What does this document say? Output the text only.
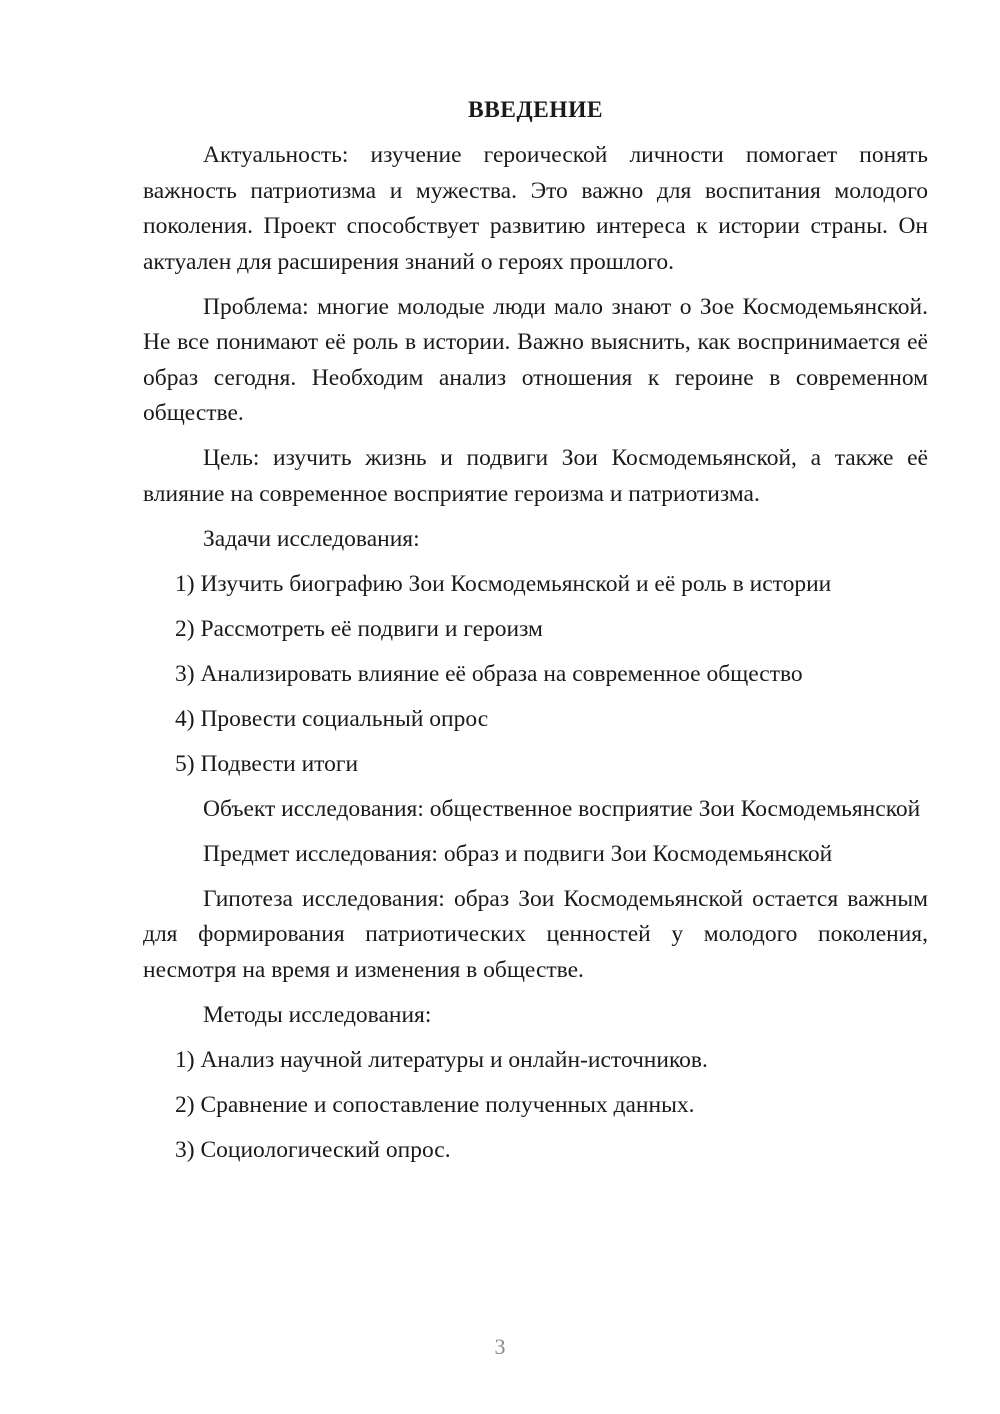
ВВЕДЕНИЕ

Актуальность: изучение героической личности помогает понять важность патриотизма и мужества. Это важно для воспитания молодого поколения. Проект способствует развитию интереса к истории страны. Он актуален для расширения знаний о героях прошлого.

Проблема: многие молодые люди мало знают о Зое Космодемьянской. Не все понимают её роль в истории. Важно выяснить, как воспринимается её образ сегодня. Необходим анализ отношения к героине в современном обществе.

Цель: изучить жизнь и подвиги Зои Космодемьянской, а также её влияние на современное восприятие героизма и патриотизма.

Задачи исследования:

1) Изучить биографию Зои Космодемьянской и её роль в истории

2) Рассмотреть её подвиги и героизм

3) Анализировать влияние её образа на современное общество

4) Провести социальный опрос

5) Подвести итоги

Объект исследования: общественное восприятие Зои Космодемьянской

Предмет исследования: образ и подвиги Зои Космодемьянской

Гипотеза исследования: образ Зои Космодемьянской остается важным для формирования патриотических ценностей у молодого поколения, несмотря на время и изменения в обществе.

Методы исследования:

1) Анализ научной литературы и онлайн-источников.

2) Сравнение и сопоставление полученных данных.

3) Социологический опрос.

3
